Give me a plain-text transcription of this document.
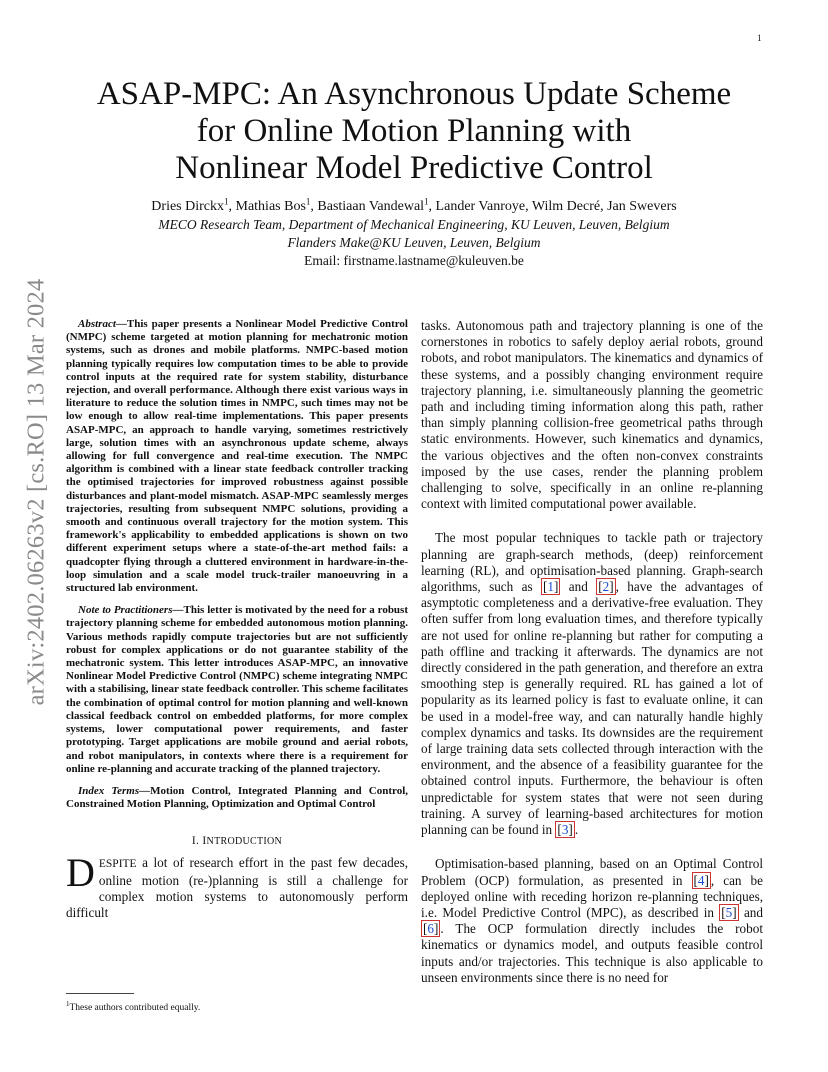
1
arXiv:2402.06263v2 [cs.RO] 13 Mar 2024
ASAP-MPC: An Asynchronous Update Scheme
for Online Motion Planning with
Nonlinear Model Predictive Control
Dries Dirckx$^1$, Mathias Bos$^1$, Bastiaan Vandewal$^1$, Lander Vanroye, Wilm Decré, Jan Swevers
MECO Research Team, Department of Mechanical Engineering, KU Leuven, Leuven, Belgium
Flanders Make@KU Leuven, Leuven, Belgium
Email: firstname.lastname@kuleuven.be

Abstract—This paper presents a Nonlinear Model Predictive Control (NMPC) scheme targeted at motion planning for mechatronic motion systems, such as drones and mobile platforms. NMPC-based motion planning typically requires low computation times to be able to provide control inputs at the required rate for system stability, disturbance rejection, and overall performance. Although there exist various ways in literature to reduce the solution times in NMPC, such times may not be low enough to allow real-time implementations. This paper presents ASAP-MPC, an approach to handle varying, sometimes restrictively large, solution times with an asynchronous update scheme, always allowing for full convergence and real-time execution. The NMPC algorithm is combined with a linear state feedback controller tracking the optimised trajectories for improved robustness against possible disturbances and plant-model mismatch. ASAP-MPC seamlessly merges trajectories, resulting from subsequent NMPC solutions, providing a smooth and continuous overall trajectory for the motion system. This framework's applicability to embedded applications is shown on two different experiment setups where a state-of-the-art method fails: a quadcopter flying through a cluttered environment in hardware-in-the-loop simulation and a scale model truck-trailer manoeuvring in a structured lab environment.

Note to Practitioners—This letter is motivated by the need for a robust trajectory planning scheme for embedded autonomous motion planning. Various methods rapidly compute trajectories but are not sufficiently robust for complex applications or do not guarantee stability of the mechatronic system. This letter introduces ASAP-MPC, an innovative Nonlinear Model Predictive Control (NMPC) scheme integrating NMPC with a stabilising, linear state feedback controller. This scheme facilitates the combination of optimal control for motion planning and well-known classical feedback control on embedded platforms, for more complex systems, lower computational power requirements, and faster prototyping. Target applications are mobile ground and aerial robots, and robot manipulators, in contexts where there is a requirement for online re-planning and accurate tracking of the planned trajectory.

Index Terms—Motion Control, Integrated Planning and Control, Constrained Motion Planning, Optimization and Optimal Control

I. INTRODUCTION

DESPITE a lot of research effort in the past few decades, online motion (re-)planning is still a challenge for complex motion systems to autonomously perform difficult

$^1$These authors contributed equally.

tasks. Autonomous path and trajectory planning is one of the cornerstones in robotics to safely deploy aerial robots, ground robots, and robot manipulators. The kinematics and dynamics of these systems, and a possibly changing environment require trajectory planning, i.e. simultaneously planning the geometric path and including timing information along this path, rather than simply planning collision-free geometrical paths through static environments. However, such kinematics and dynamics, the various objectives and the often non-convex constraints imposed by the use cases, render the planning problem challenging to solve, specifically in an online re-planning context with limited computational power available.

The most popular techniques to tackle path or trajectory planning are graph-search methods, (deep) reinforcement learning (RL), and optimisation-based planning. Graph-search algorithms, such as [ 1 ] and [ 2 ] , have the advantages of asymptotic completeness and a derivative-free evaluation. They often suffer from long evaluation times, and therefore typically are not used for online re-planning but rather for computing a path offline and tracking it afterwards. The dynamics are not directly considered in the path generation, and therefore an extra smoothing step is generally required. RL has gained a lot of popularity as its learned policy is fast to evaluate online, it can be used in a model-free way, and can naturally handle highly complex dynamics and tasks. Its downsides are the requirement of large training data sets collected through interaction with the environment, and the absence of a feasibility guarantee for the obtained control inputs. Furthermore, the behaviour is often unpredictable for system states that were not seen during training. A survey of learning-based architectures for motion planning can be found in [ 3 ] .

Optimisation-based planning, based on an Optimal Control Problem (OCP) formulation, as presented in [ 4 ] , can be deployed online with receding horizon re-planning techniques, i.e. Model Predictive Control (MPC), as described in [ 5 ] and [ 6 ] . The OCP formulation directly includes the robot kinematics or dynamics model, and outputs feasible control inputs and/or trajectories. This technique is also applicable to unseen environments since there is no need for
